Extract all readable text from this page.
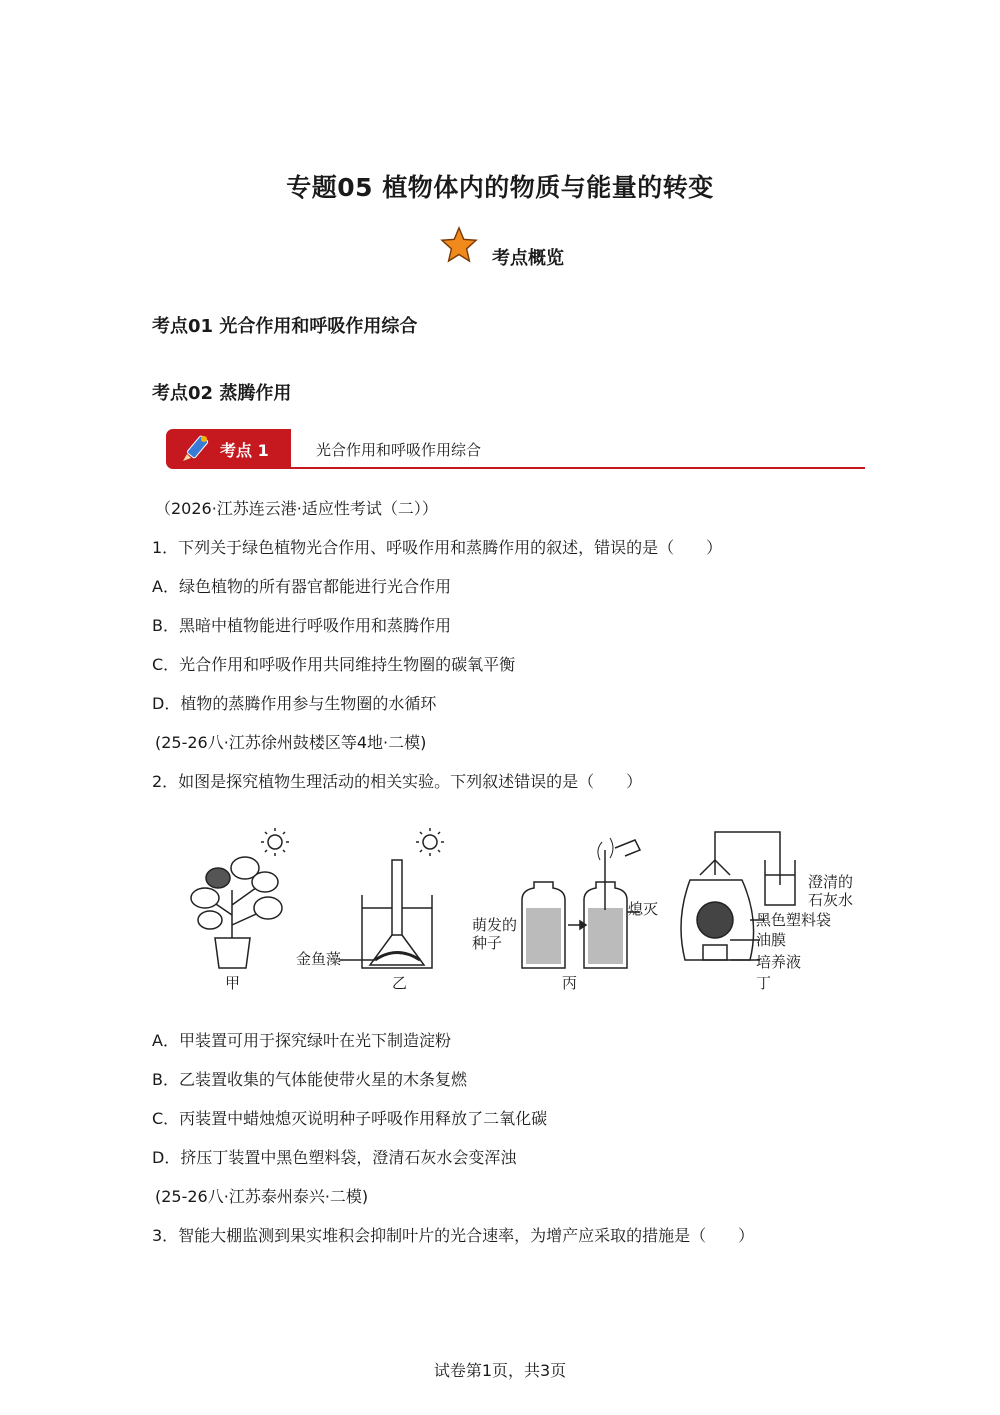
专题05 植物体内的物质与能量的转变
考点概览
考点01 光合作用和呼吸作用综合
考点02 蒸腾作用
考点 1	光合作用和呼吸作用综合
（2026·江苏连云港·适应性考试（二））
1．下列关于绿色植物光合作用、呼吸作用和蒸腾作用的叙述，错误的是（　　）
A．绿色植物的所有器官都能进行光合作用
B．黑暗中植物能进行呼吸作用和蒸腾作用
C．光合作用和呼吸作用共同维持生物圈的碳氧平衡
D．植物的蒸腾作用参与生物圈的水循环
(25-26八·江苏徐州鼓楼区等4地·二模)
2．如图是探究植物生理活动的相关实验。下列叙述错误的是（　　）
甲	乙	丙	丁
金鱼藻
萌发的
种子
熄灭
澄清的
石灰水
黑色塑料袋
油膜
培养液
A．甲装置可用于探究绿叶在光下制造淀粉
B．乙装置收集的气体能使带火星的木条复燃
C．丙装置中蜡烛熄灭说明种子呼吸作用释放了二氧化碳
D．挤压丁装置中黑色塑料袋，澄清石灰水会变浑浊
(25-26八·江苏泰州泰兴·二模)
3．智能大棚监测到果实堆积会抑制叶片的光合速率，为增产应采取的措施是（　　）
试卷第1页，共3页
